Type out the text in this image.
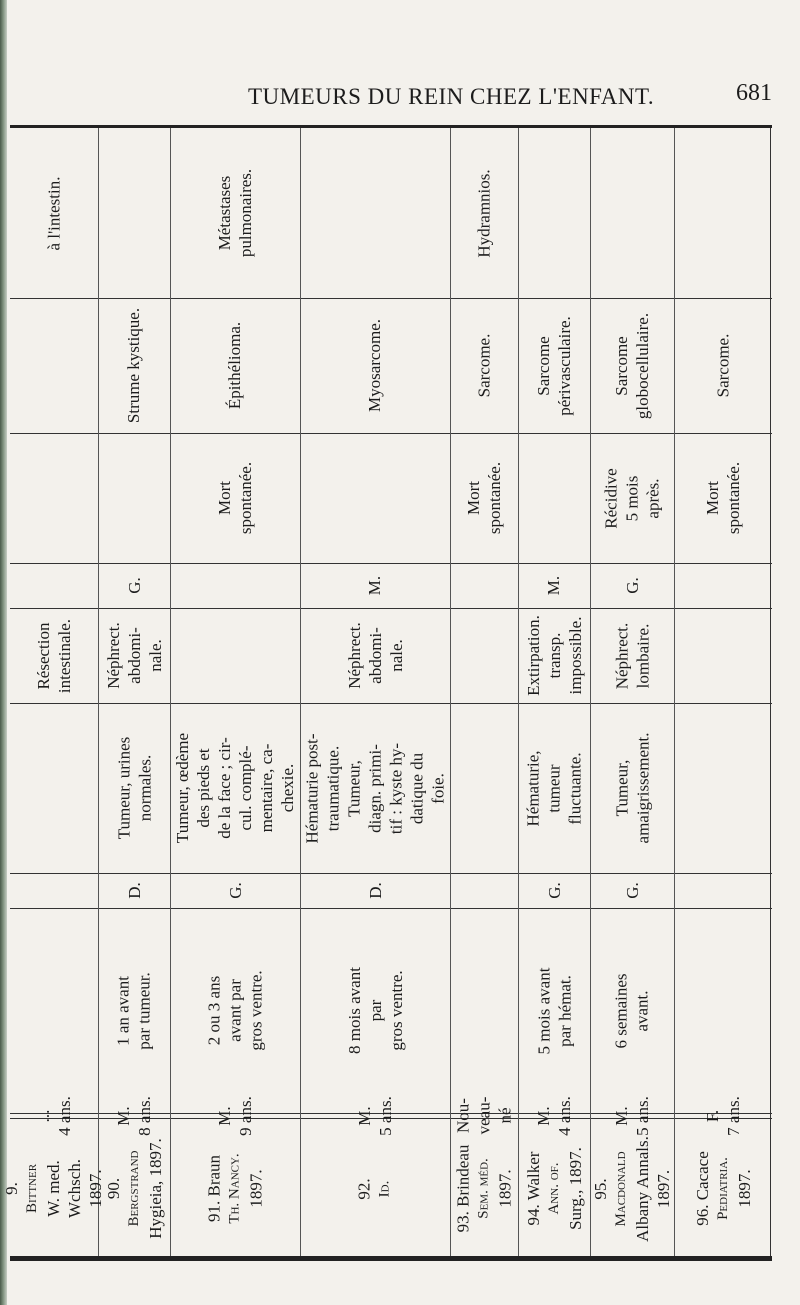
TUMEURS DU REIN CHEZ L'ENFANT.	681
à l'intestin.
Résection intestinale.
... 4 ans.
9. Bittner W. med. Wchsch. 1897.
Strume kystique.
G.
Néphrect. abdomi- nale.
Tumeur, urines normales.
D.
1 an avant par tumeur.
M. 8 ans.
90. Bergstrand Hygieia, 1897.
Métastases pulmonaires.
Épithélioma.
Mort spontanée.
Tumeur, œdème des pieds et de la face ; cir- cul. complé- mentaire, ca- chexie.
G.
2 ou 3 ans avant par gros ventre.
M. 9 ans.
91. Braun Th. Nancy. 1897.
Myosarcome.
M.
Néphrect. abdomi- nale.
Hématurie post- traumatique. Tumeur, diagn. primi- tif : kyste hy- datique du foie.
D.
8 mois avant par gros ventre.
M. 5 ans.
92. Id.
Hydramnios.
Sarcome.
Mort spontanée.
Nou- veau- né
93. Brindeau Sem. méd. 1897.
Sarcome périvasculaire.
M.
Extirpation. transp. impossible.
Hématurie, tumeur fluctuante.
G.
5 mois avant par hémat.
M. 4 ans.
94. Walker Ann. of. Surg., 1897.
Sarcome globocellulaire.
Récidive 5 mois après.
G.
Néphrect. lombaire.
Tumeur, amaigrissement.
G.
6 semaines avant.
M. 5 ans.
95. Macdonald Albany Annals. 1897.
Sarcome.
Mort spontanée.
F. 7 ans.
96. Cacace Pediatria. 1897.
